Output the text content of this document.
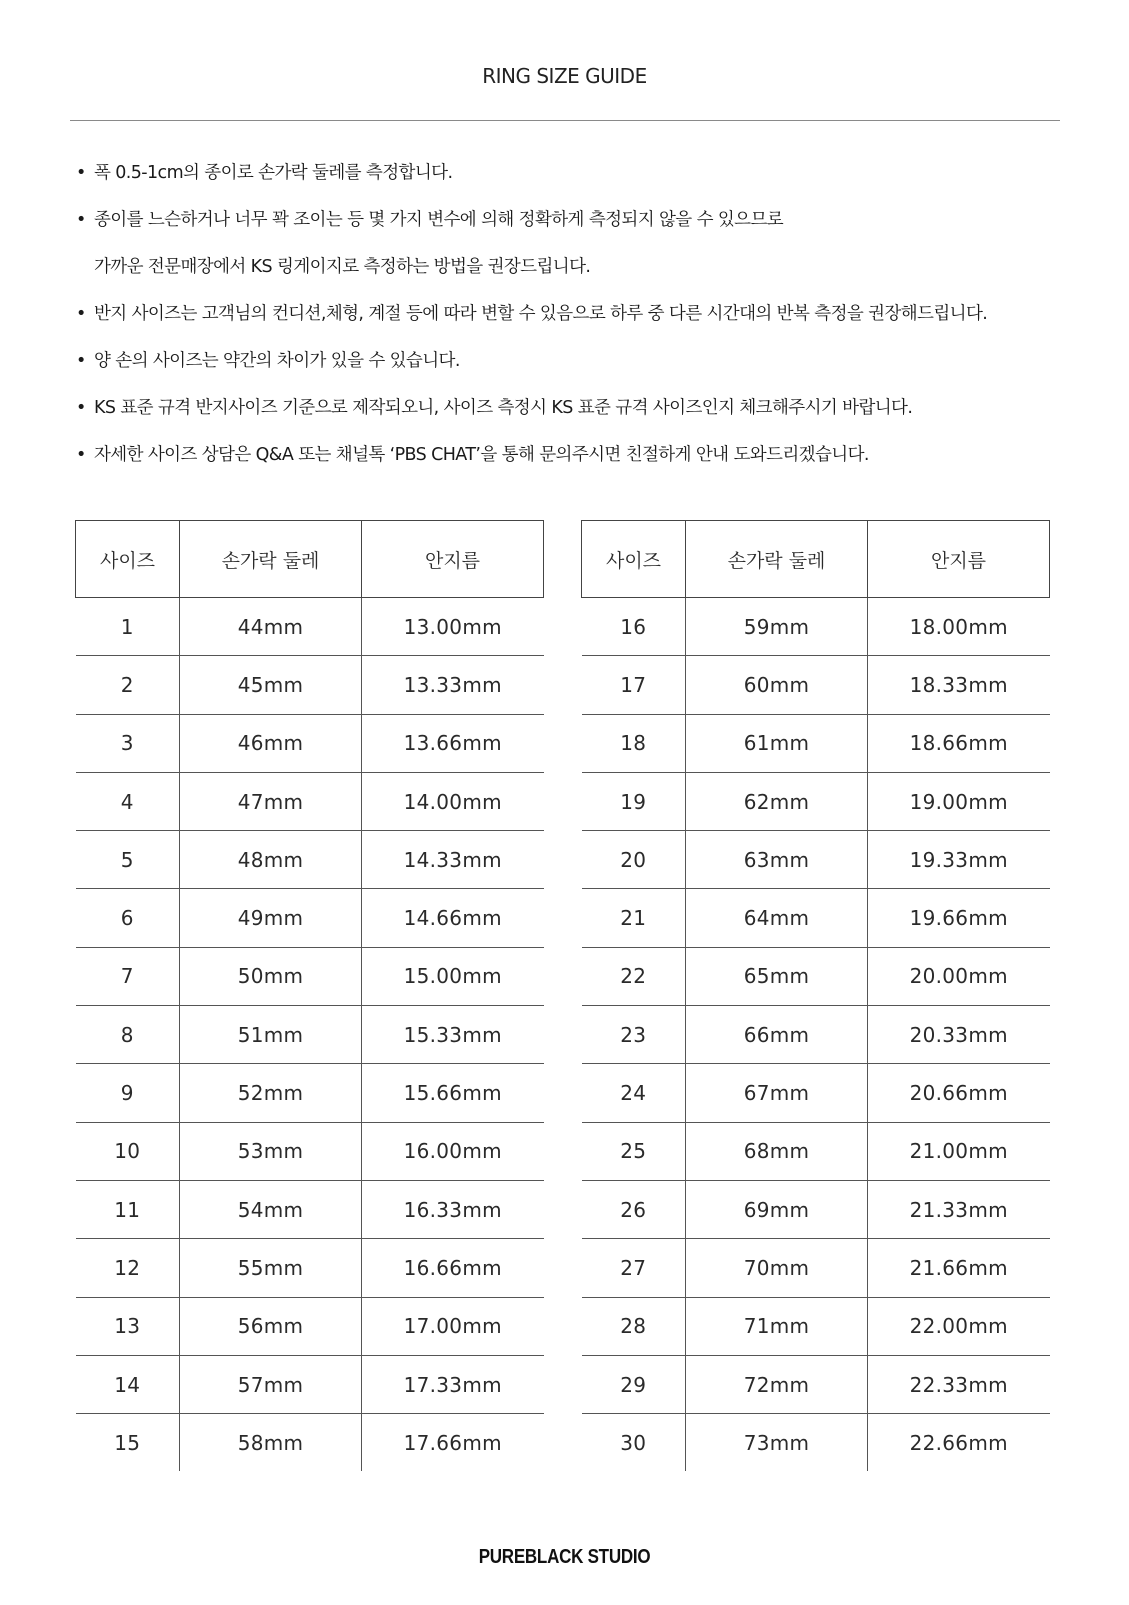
RING SIZE GUIDE
• 폭 0.5-1cm의 종이로 손가락 둘레를 측정합니다.
• 종이를 느슨하거나 너무 꽉 조이는 등 몇 가지 변수에 의해 정확하게 측정되지 않을 수 있으므로
가까운 전문매장에서 KS 링게이지로 측정하는 방법을 권장드립니다.
• 반지 사이즈는 고객님의 컨디션,체형, 계절 등에 따라 변할 수 있음으로 하루 중 다른 시간대의 반복 측정을 권장해드립니다.
• 양 손의 사이즈는 약간의 차이가 있을 수 있습니다.
• KS 표준 규격 반지사이즈 기준으로 제작되오니, 사이즈 측정시 KS 표준 규격 사이즈인지 체크해주시기 바랍니다.
• 자세한 사이즈 상담은 Q&A 또는 채널톡 ‘PBS CHAT’을 통해 문의주시면 친절하게 안내 도와드리겠습니다.
사이즈	손가락 둘레	안지름
1	44mm	13.00mm
2	45mm	13.33mm
3	46mm	13.66mm
4	47mm	14.00mm
5	48mm	14.33mm
6	49mm	14.66mm
7	50mm	15.00mm
8	51mm	15.33mm
9	52mm	15.66mm
10	53mm	16.00mm
11	54mm	16.33mm
12	55mm	16.66mm
13	56mm	17.00mm
14	57mm	17.33mm
15	58mm	17.66mm
사이즈	손가락 둘레	안지름
16	59mm	18.00mm
17	60mm	18.33mm
18	61mm	18.66mm
19	62mm	19.00mm
20	63mm	19.33mm
21	64mm	19.66mm
22	65mm	20.00mm
23	66mm	20.33mm
24	67mm	20.66mm
25	68mm	21.00mm
26	69mm	21.33mm
27	70mm	21.66mm
28	71mm	22.00mm
29	72mm	22.33mm
30	73mm	22.66mm
PUREBLACK STUDIO
